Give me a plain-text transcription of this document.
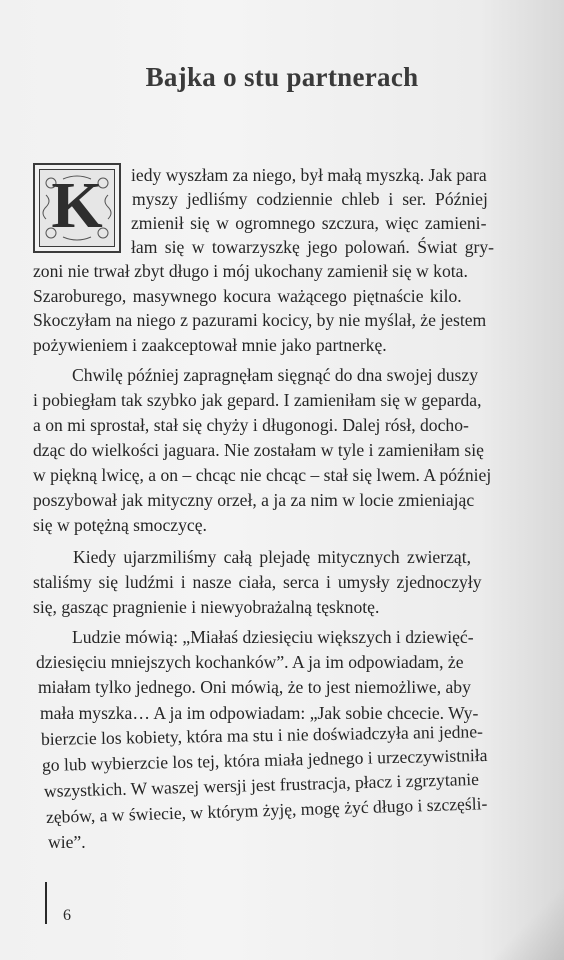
Bajka o stu partnerach
K	iedy wyszłam za niego, był małą myszką. Jak para
myszy jedliśmy codziennie chleb i ser. Później
zmienił się w ogromnego szczura, więc zamieni-
łam się w towarzyszkę jego polowań. Świat gry-
zoni nie trwał zbyt długo i mój ukochany zamienił się w kota.
Szaroburego, masywnego kocura ważącego piętnaście kilo.
Skoczyłam na niego z pazurami kocicy, by nie myślał, że jestem
pożywieniem i zaakceptował mnie jako partnerkę.
Chwilę później zapragnęłam sięgnąć do dna swojej duszy
i pobiegłam tak szybko jak gepard. I zamieniłam się w geparda,
a on mi sprostał, stał się chyży i długonogi. Dalej rósł, docho-
dząc do wielkości jaguara. Nie zostałam w tyle i zamieniłam się
w piękną lwicę, a on – chcąc nie chcąc – stał się lwem. A później
poszybował jak mityczny orzeł, a ja za nim w locie zmieniając
się w potężną smoczycę.
Kiedy ujarzmiliśmy całą plejadę mitycznych zwierząt,
staliśmy się ludźmi i nasze ciała, serca i umysły zjednoczyły
się, gasząc pragnienie i niewyobrażalną tęsknotę.
Ludzie mówią: „Miałaś dziesięciu większych i dziewięć-
dziesięciu mniejszych kochanków”. A ja im odpowiadam, że
miałam tylko jednego. Oni mówią, że to jest niemożliwe, aby
mała myszka… A ja im odpowiadam: „Jak sobie chcecie. Wy-
bierzcie los kobiety, która ma stu i nie doświadczyła ani jedne-
go lub wybierzcie los tej, która miała jednego i urzeczywistniła
wszystkich. W waszej wersji jest frustracja, płacz i zgrzytanie
zębów, a w świecie, w którym żyję, mogę żyć długo i szczęśli-
wie”.
6
